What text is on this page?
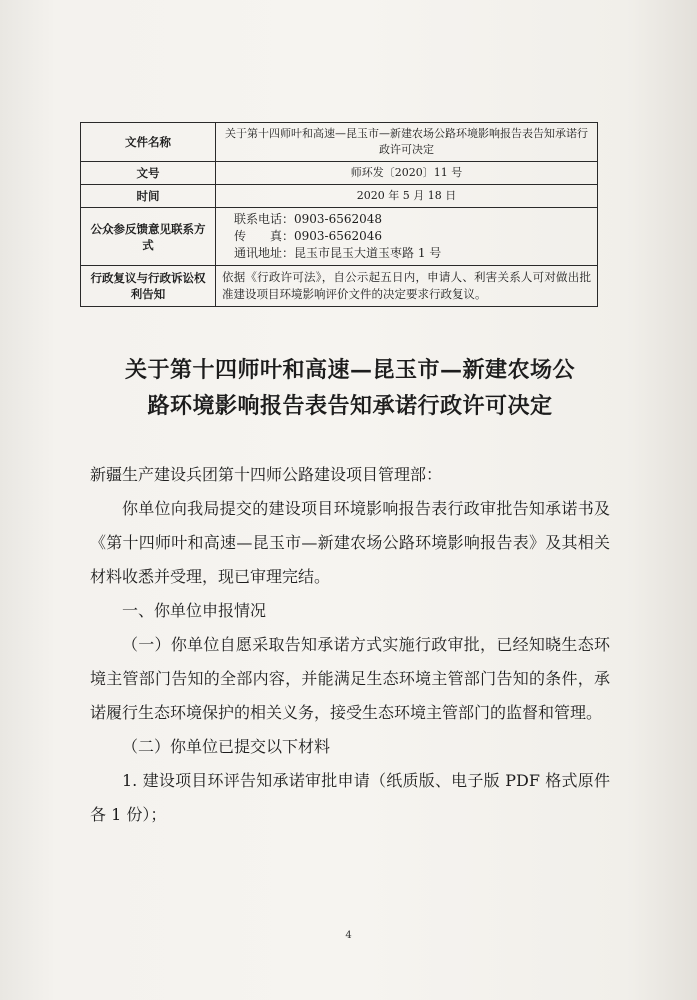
文件名称	关于第十四师叶和高速—昆玉市—新建农场公路环境影响报告表告知承诺行政许可决定
文号	师环发〔2020〕11 号
时间	2020 年 5 月 18 日
公众参反馈意见联系方式	联系电话：0903-6562048
传　　真：0903-6562046
通讯地址：昆玉市昆玉大道玉枣路 1 号

行政复议与行政诉讼权利告知	依据《行政许可法》，自公示起五日内，申请人、利害关系人可对做出批准建设项目环境影响评价文件的决定要求行政复议。
关于第十四师叶和高速—昆玉市—新建农场公
路环境影响报告表告知承诺行政许可决定

新疆生产建设兵团第十四师公路建设项目管理部：

你单位向我局提交的建设项目环境影响报告表行政审批告知承诺书及《第十四师叶和高速—昆玉市—新建农场公路环境影响报告表》及其相关材料收悉并受理，现已审理完结。

一、你单位申报情况

（一）你单位自愿采取告知承诺方式实施行政审批，已经知晓生态环境主管部门告知的全部内容，并能满足生态环境主管部门告知的条件，承诺履行生态环境保护的相关义务，接受生态环境主管部门的监督和管理。

（二）你单位已提交以下材料

1. 建设项目环评告知承诺审批申请（纸质版、电子版 PDF 格式原件各 1 份）；

4
